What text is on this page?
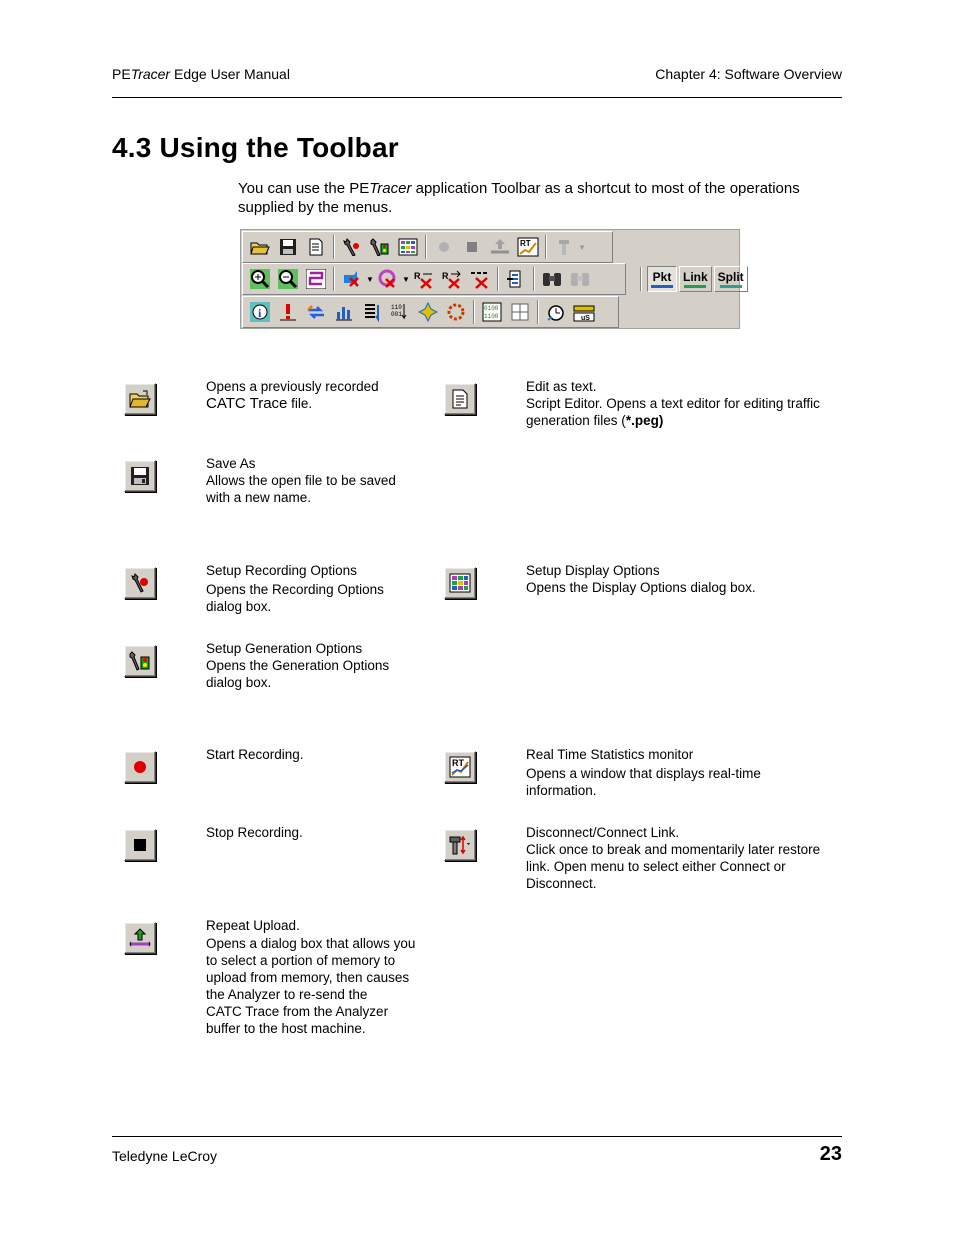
PETracer Edge User Manual	Chapter 4: Software Overview
4.3 Using the Toolbar
You can use the PETracer application Toolbar as a shortcut to most of the operations supplied by the menus.
RT	▼
▼	▼ R R	Pkt Link Split
i	110
001
0100
1100	uS
Opens a previously recorded
CATC Trace file.
Save As
Allows the open file to be saved
with a new name.
Setup Recording Options
Opens the Recording Options
dialog box.
Setup Generation Options
Opens the Generation Options
dialog box.
Start Recording.
Stop Recording.
Repeat Upload.
Opens a dialog box that allows you
to select a portion of memory to
upload from memory, then causes
the Analyzer to re-send the
CATC Trace from the Analyzer
buffer to the host machine.
Edit as text.
Script Editor. Opens a text editor for editing traffic
generation files (*.peg)
Setup Display Options
Opens the Display Options dialog box.
RT
Real Time Statistics monitor
Opens a window that displays real-time
information.
Disconnect/Connect Link.
Click once to break and momentarily later restore
link. Open menu to select either Connect or
Disconnect.
Teledyne LeCroy	23
